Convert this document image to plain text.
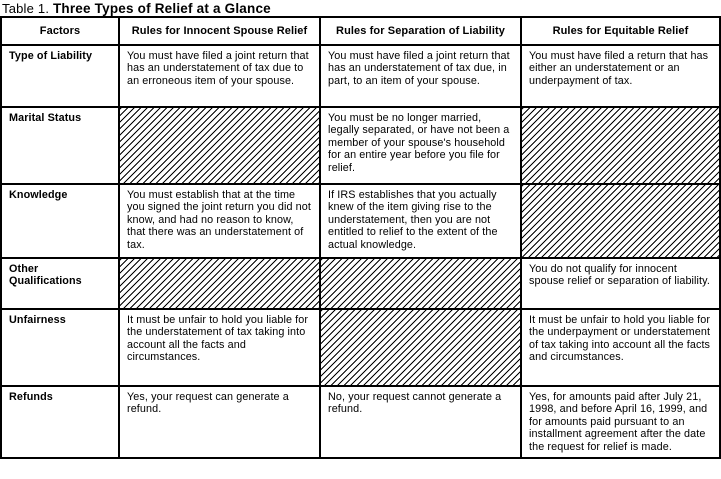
Table 1. Three Types of Relief at a Glance
Factors	Rules for Innocent Spouse Relief	Rules for Separation of Liability	Rules for Equitable Relief
Type of Liability	You must have filed a joint return that has an understatement of tax due to an erroneous item of your spouse.	You must have filed a joint return that has an understatement of tax due, in part, to an item of your spouse.	You must have filed a return that has either an understatement or an underpayment of tax.
Marital Status		You must be no longer married, legally separated, or have not been a member of your spouse's household for an entire year before you file for relief.	
Knowledge	You must establish that at the time you signed the joint return you did not know, and had no reason to know, that there was an understatement of tax.	If IRS establishes that you actually knew of the item giving rise to the understatement, then you are not entitled to relief to the extent of the actual knowledge.	
Other Qualifications			You do not qualify for innocent spouse relief or separation of liability.
Unfairness	It must be unfair to hold you liable for the understatement of tax taking into account all the facts and circumstances.		It must be unfair to hold you liable for the underpayment or understatement of tax taking into account all the facts and circumstances.
Refunds	Yes, your request can generate a refund.	No, your request cannot generate a refund.	Yes, for amounts paid after July 21, 1998, and before April 16, 1999, and for amounts paid pursuant to an installment agreement after the date the request for relief is made.
